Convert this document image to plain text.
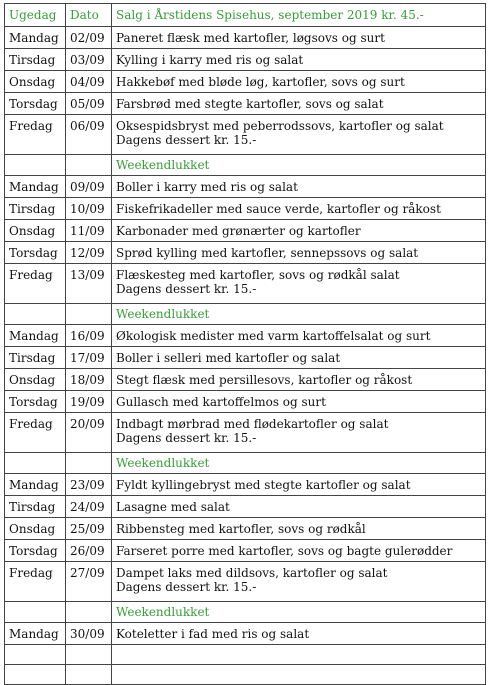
Ugedag	Dato	Salg i Årstidens Spisehus, september 2019 kr. 45.-
Mandag	02/09	Paneret flæsk med kartofler, løgsovs og surt
Tirsdag	03/09	Kylling i karry med ris og salat
Onsdag	04/09	Hakkebøf med bløde løg, kartofler, sovs og surt
Torsdag	05/09	Farsbrød med stegte kartofler, sovs og salat
Fredag	06/09	Oksespidsbryst med peberrodssovs, kartofler og salat
Dagens dessert kr. 15.-

		Weekendlukket
Mandag	09/09	Boller i karry med ris og salat
Tirsdag	10/09	Fiskefrikadeller med sauce verde, kartofler og råkost
Onsdag	11/09	Karbonader med grønærter og kartofler
Torsdag	12/09	Sprød kylling med kartofler, sennepssovs og salat
Fredag	13/09	Flæskesteg med kartofler, sovs og rødkål salat
Dagens dessert kr. 15.-

		Weekendlukket
Mandag	16/09	Økologisk medister med varm kartoffelsalat og surt
Tirsdag	17/09	Boller i selleri med kartofler og salat
Onsdag	18/09	Stegt flæsk med persillesovs, kartofler og råkost
Torsdag	19/09	Gullasch med kartoffelmos og surt
Fredag	20/09	Indbagt mørbrad med flødekartofler og salat
Dagens dessert kr. 15.-

		Weekendlukket
Mandag	23/09	Fyldt kyllingebryst med stegte kartofler og salat
Tirsdag	24/09	Lasagne med salat
Onsdag	25/09	Ribbensteg med kartofler, sovs og rødkål
Torsdag	26/09	Farseret porre med kartofler, sovs og bagte gulerødder
Fredag	27/09	Dampet laks med dildsovs, kartofler og salat
Dagens dessert kr. 15.-

		Weekendlukket
Mandag	30/09	Koteletter i fad med ris og salat
